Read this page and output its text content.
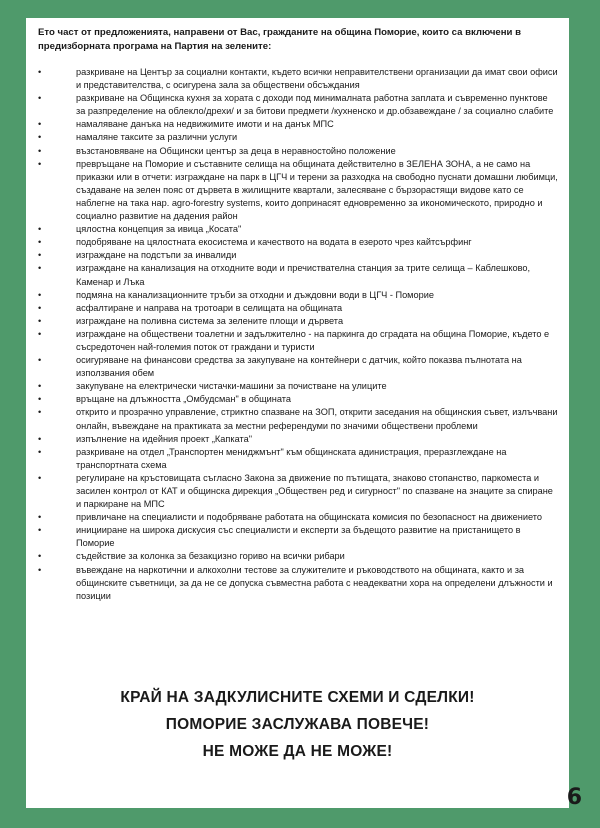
Ето част от предложенията, направени от Вас, гражданите на община Поморие, които са включени в предизборната програма на Партия на зелените:

•	разкриване на Център за социални контакти, където всички неправителствени организации да имат свои офиси и представителства, с осигурена зала за обществени обсъждания
•	разкриване на Общинска кухня за хората с доходи под минималната работна заплата и съвременно пунктове за разпределение на облекло/дрехи/ и за битови предмети /кухненско и др.обзавеждане / за социално слабите
•	намаляване данъка на недвижимите имоти и на данък МПС
•	намаляне таксите за различни услуги
•	възстановяване на Общински център за деца в неравностойно положение
•	превръщане на Поморие и съставните селища на общината действително в ЗЕЛЕНА ЗОНА, а не само на приказки или в отчети: изграждане на парк в ЦГЧ и терени за разходка на свободно пуснати домашни любимци, създаване на зелен пояс от дървета в жилищните квартали, залесяване с бързорастящи видове като се наблегне на така нар. agro-forestry systems, които допринасят едновременно за икономическото, природно и социално развитие на дадения район
•	цялостна концепция за ивица „Косата"
•	подобряване на цялостната екосистема и качеството на водата в езерото чрез кайтсърфинг
•	изграждане на подстъпи за инвалиди
•	изграждане на канализация на отходните води и пречиствателна станция за трите селища – Каблешково, Каменар и Лъка
•	подмяна на канализационните тръби за отходни и дъждовни води в ЦГЧ - Поморие
•	асфалтиране и направа на тротоари в селищата на общината
•	изграждане на поливна система за зелените площи и дърветa
•	изграждане на обществени тоалетни и задължително - на паркинга до сградата на община Поморие, където е съсредоточен най-големия поток от граждани и туристи
•	осигуряване на финансови средства за закупуване на контейнери с датчик, който показва пълнотата на използвания обем
•	закупуване на електрически чистачки-машини за почистване на улиците
•	връщане на длъжността „Омбудсман" в общината
•	открито и прозрачно управление, стриктно спазване на ЗОП, открити заседания на общинския съвет, излъчвани онлайн, въвеждане на практиката за местни референдуми по значими обществени проблеми
•	изпълнение на идейния проект „Капката"
•	разкриване на отдел „Транспортен мениджмънт" към общинската адинистрация, преразглеждане на транспортната схема
•	регулиране на кръстовищата съгласно Закона за движение по пътищата, знаково стопанство, паркоместа и засилен контрол от КАТ и общинска дирекция „Обществен ред и сигурност" по спазване на знаците за спиране и паркиране на МПС
•	привличане на специалисти и подобряване работата на общинската комисия по безопасност на движението
•	иницииране на широка дискусия със специалисти и експерти за бъдещото развитие на пристанището в Поморие
•	съдействие за колонка за безакцизно гориво на всички рибари
•	въвеждане на наркотични и алкохолни тестове за служителите и ръководството на общината, както и за общинските съветници, за да не се допуска съвместна работа с неадекватни хора на определени длъжности и позиции

КРАЙ НА ЗАДКУЛИСНИТЕ СХЕМИ И СДЕЛКИ!

ПОМОРИЕ ЗАСЛУЖАВА ПОВЕЧЕ!

НЕ МОЖЕ ДА НЕ МОЖЕ!

6
